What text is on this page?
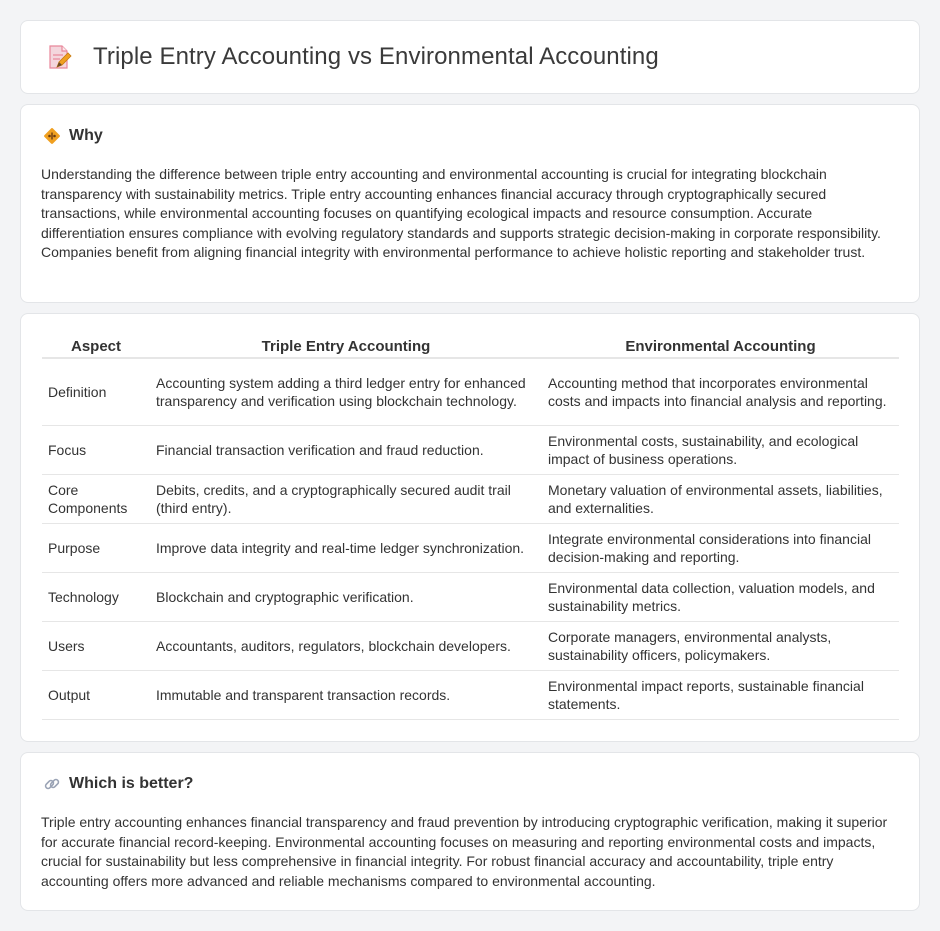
Triple Entry Accounting vs Environmental Accounting
Why

Understanding the difference between triple entry accounting and environmental accounting is crucial for integrating blockchain transparency with sustainability metrics. Triple entry accounting enhances financial accuracy through cryptographically secured transactions, while environmental accounting focuses on quantifying ecological impacts and resource consumption. Accurate differentiation ensures compliance with evolving regulatory standards and supports strategic decision-making in corporate responsibility. Companies benefit from aligning financial integrity with environmental performance to achieve holistic reporting and stakeholder trust.

Aspect	Triple Entry Accounting	Environmental Accounting
Definition	Accounting system adding a third ledger entry for enhanced transparency and verification using blockchain technology.	Accounting method that incorporates environmental costs and impacts into financial analysis and reporting.
Focus	Financial transaction verification and fraud reduction.	Environmental costs, sustainability, and ecological impact of business operations.
Core Components	Debits, credits, and a cryptographically secured audit trail (third entry).	Monetary valuation of environmental assets, liabilities, and externalities.
Purpose	Improve data integrity and real-time ledger synchronization.	Integrate environmental considerations into financial decision-making and reporting.
Technology	Blockchain and cryptographic verification.	Environmental data collection, valuation models, and sustainability metrics.
Users	Accountants, auditors, regulators, blockchain developers.	Corporate managers, environmental analysts, sustainability officers, policymakers.
Output	Immutable and transparent transaction records.	Environmental impact reports, sustainable financial statements.
Which is better?

Triple entry accounting enhances financial transparency and fraud prevention by introducing cryptographic verification, making it superior for accurate financial record-keeping. Environmental accounting focuses on measuring and reporting environmental costs and impacts, crucial for sustainability but less comprehensive in financial integrity. For robust financial accuracy and accountability, triple entry accounting offers more advanced and reliable mechanisms compared to environmental accounting.
